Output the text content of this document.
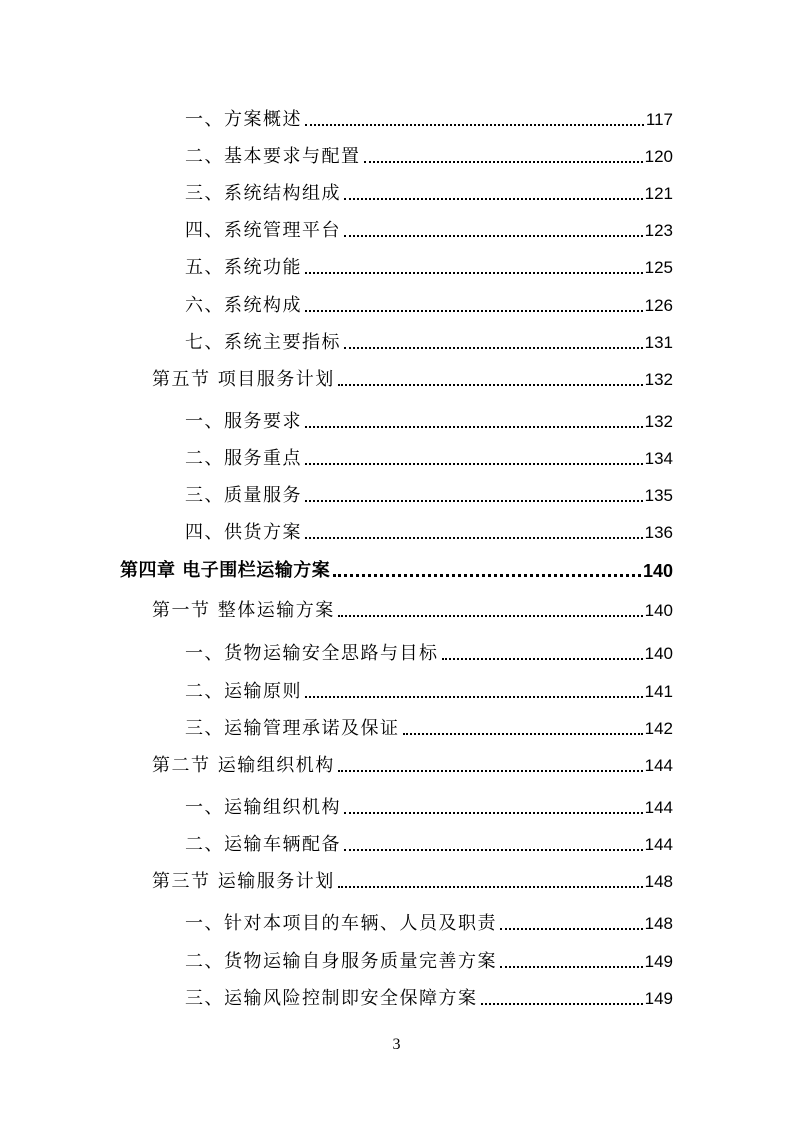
一、方案概述	117
二、基本要求与配置	120
三、系统结构组成	121
四、系统管理平台	123
五、系统功能	125
六、系统构成	126
七、系统主要指标	131
第五节 项目服务计划	132
一、服务要求	132
二、服务重点	134
三、质量服务	135
四、供货方案	136
第四章 电子围栏运输方案	140
第一节 整体运输方案	140
一、货物运输安全思路与目标	140
二、运输原则	141
三、运输管理承诺及保证	142
第二节 运输组织机构	144
一、运输组织机构	144
二、运输车辆配备	144
第三节 运输服务计划	148
一、针对本项目的车辆、人员及职责	148
二、货物运输自身服务质量完善方案	149
三、运输风险控制即安全保障方案	149
3
